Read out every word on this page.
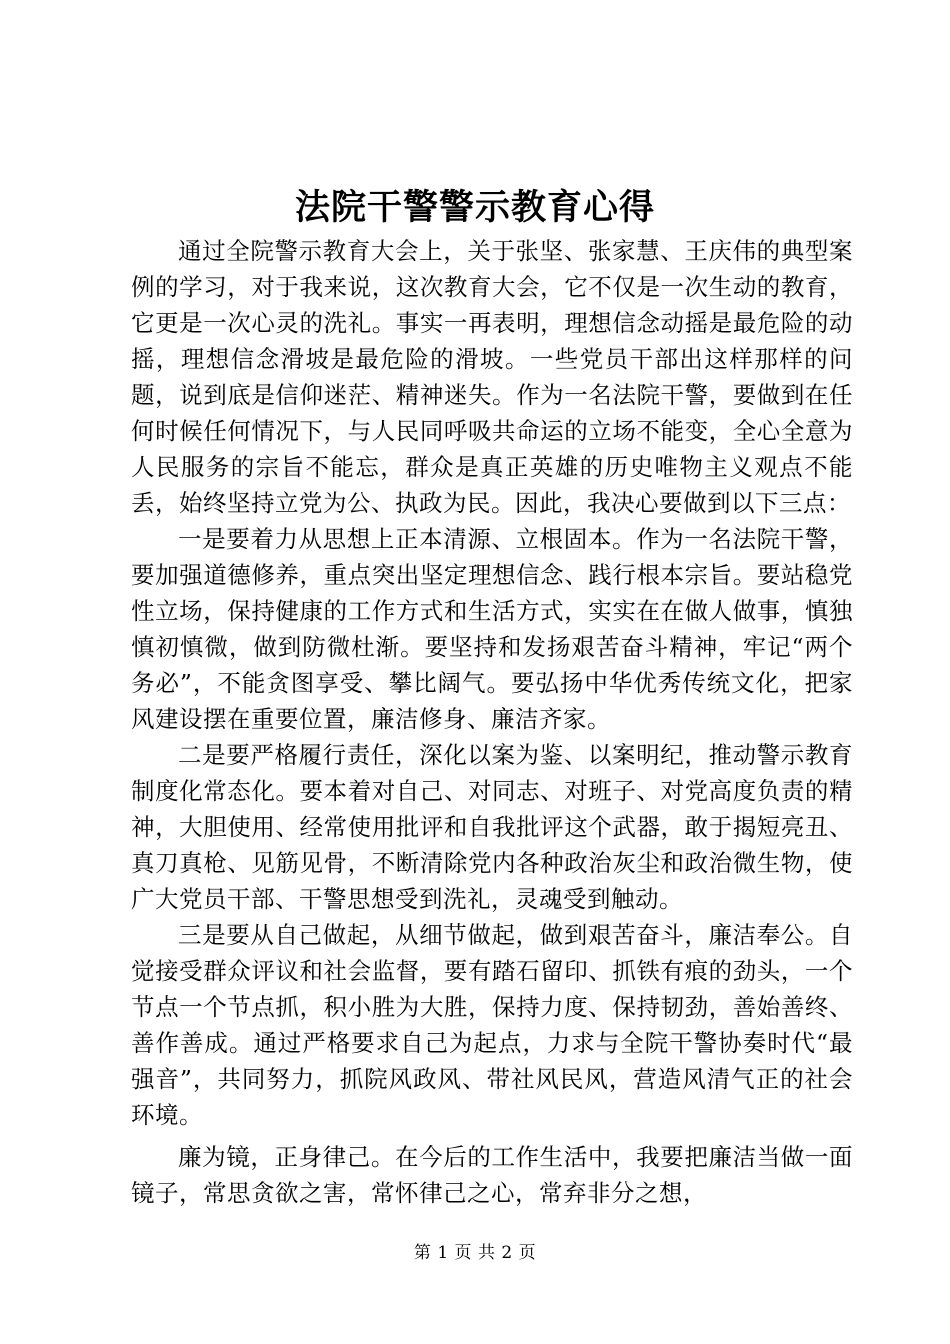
法院干警警示教育心得

通过全院警示教育大会上，关于张坚、张家慧、王庆伟的典型案例的学习，对于我来说，这次教育大会，它不仅是一次生动的教育，它更是一次心灵的洗礼。事实一再表明，理想信念动摇是最危险的动摇，理想信念滑坡是最危险的滑坡。一些党员干部出这样那样的问题，说到底是信仰迷茫、精神迷失。作为一名法院干警，要做到在任何时候任何情况下，与人民同呼吸共命运的立场不能变，全心全意为人民服务的宗旨不能忘，群众是真正英雄的历史唯物主义观点不能丢，始终坚持立党为公、执政为民。因此，我决心要做到以下三点：

一是要着力从思想上正本清源、立根固本。作为一名法院干警，要加强道德修养，重点突出坚定理想信念、践行根本宗旨。要站稳党性立场，保持健康的工作方式和生活方式，实实在在做人做事，慎独慎初慎微，做到防微杜渐。要坚持和发扬艰苦奋斗精神，牢记“两个务必”，不能贪图享受、攀比阔气。要弘扬中华优秀传统文化，把家风建设摆在重要位置，廉洁修身、廉洁齐家。

二是要严格履行责任，深化以案为鉴、以案明纪，推动警示教育制度化常态化。要本着对自己、对同志、对班子、对党高度负责的精神，大胆使用、经常使用批评和自我批评这个武器，敢于揭短亮丑、真刀真枪、见筋见骨，不断清除党内各种政治灰尘和政治微生物，使广大党员干部、干警思想受到洗礼，灵魂受到触动。

三是要从自己做起，从细节做起，做到艰苦奋斗，廉洁奉公。自觉接受群众评议和社会监督，要有踏石留印、抓铁有痕的劲头，一个节点一个节点抓，积小胜为大胜，保持力度、保持韧劲，善始善终、善作善成。通过严格要求自己为起点，力求与全院干警协奏时代“最强音”，共同努力，抓院风政风、带社风民风，营造风清气正的社会环境。

廉为镜，正身律己。在今后的工作生活中，我要把廉洁当做一面镜子，常思贪欲之害，常怀律己之心，常弃非分之想，

第 1 页 共 2 页
